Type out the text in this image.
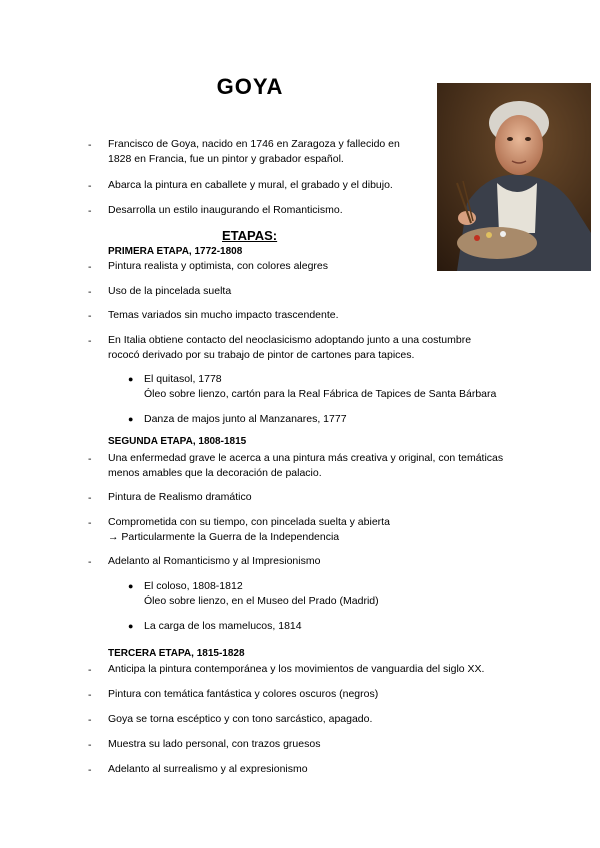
GOYA
- Francisco de Goya, nacido en 1746 en Zaragoza y fallecido en
1828 en Francia, fue un pintor y grabador español.
- Abarca la pintura en caballete y mural, el grabado y el dibujo.
- Desarrolla un estilo inaugurando el Romanticismo.
ETAPAS:
PRIMERA ETAPA, 1772-1808
- Pintura realista y optimista, con colores alegres
- Uso de la pincelada suelta
- Temas variados sin mucho impacto trascendente.
- En Italia obtiene contacto del neoclasicismo adoptando junto a una costumbre
rococó derivado por su trabajo de pintor de cartones para tapices.
● El quitasol, 1778
Óleo sobre lienzo, cartón para la Real Fábrica de Tapices de Santa Bárbara
● Danza de majos junto al Manzanares, 1777
SEGUNDA ETAPA, 1808-1815
- Una enfermedad grave le acerca a una pintura más creativa y original, con temáticas
menos amables que la decoración de palacio.
- Pintura de Realismo dramático
- Comprometida con su tiempo, con pincelada suelta y abierta
→ Particularmente la Guerra de la Independencia
- Adelanto al Romanticismo y al Impresionismo
● El coloso, 1808-1812
Óleo sobre lienzo, en el Museo del Prado (Madrid)
● La carga de los mamelucos, 1814
TERCERA ETAPA, 1815-1828
- Anticipa la pintura contemporánea y los movimientos de vanguardia del siglo XX.
- Pintura con temática fantástica y colores oscuros (negros)
- Goya se torna escéptico y con tono sarcástico, apagado.
- Muestra su lado personal, con trazos gruesos
- Adelanto al surrealismo y al expresionismo
